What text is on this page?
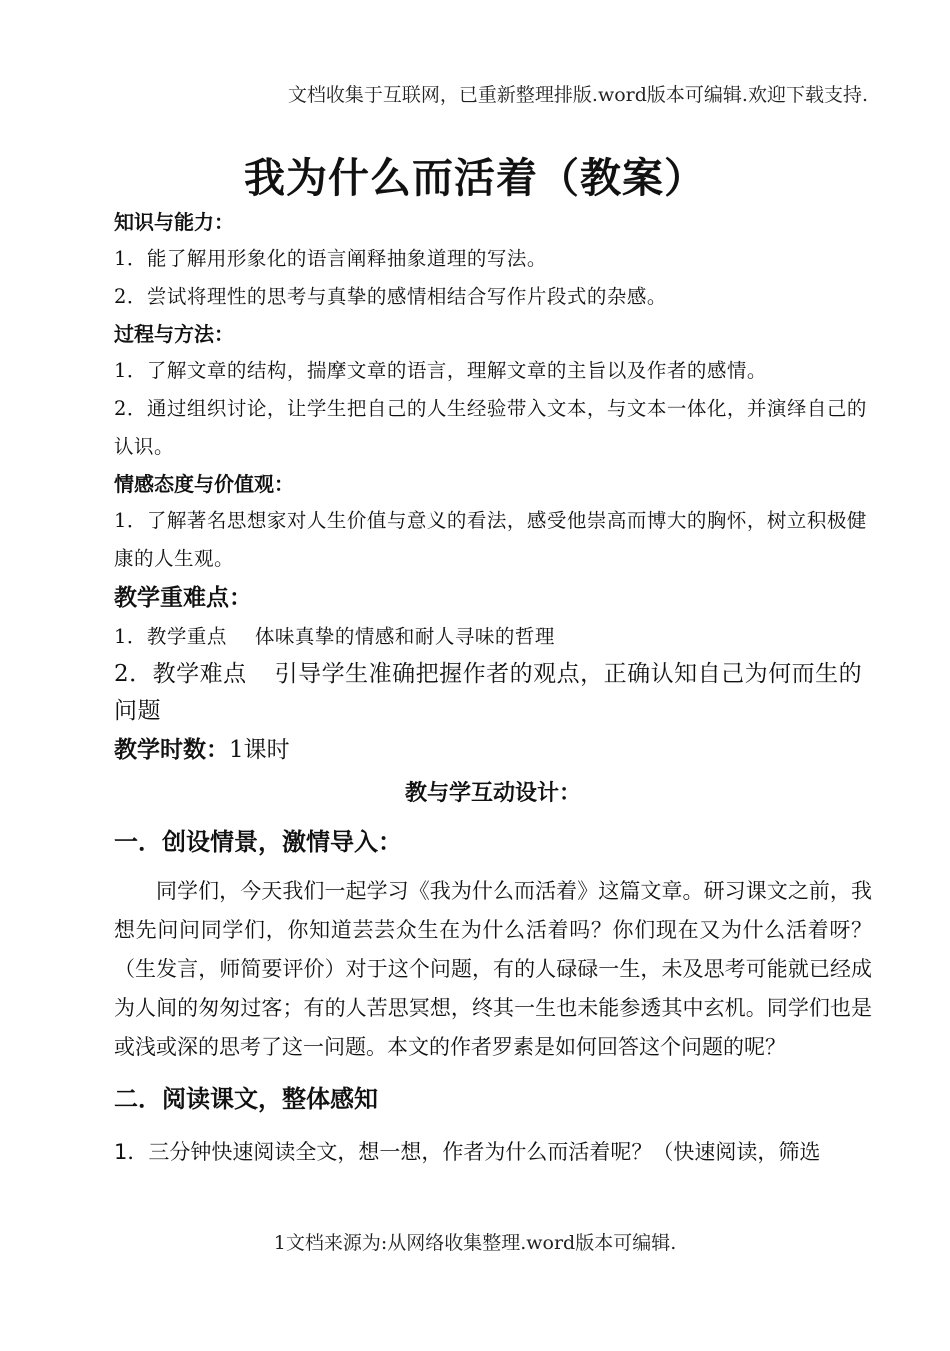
文档收集于互联网，已重新整理排版.word版本可编辑.欢迎下载支持.
我为什么而活着（教案）
知识与能力：
1．能了解用形象化的语言阐释抽象道理的写法。
2．尝试将理性的思考与真挚的感情相结合写作片段式的杂感。
过程与方法：
1．了解文章的结构，揣摩文章的语言，理解文章的主旨以及作者的感情。
2．通过组织讨论，让学生把自己的人生经验带入文本，与文本一体化，并演绎自己的认识。
情感态度与价值观：
1．了解著名思想家对人生价值与意义的看法，感受他崇高而博大的胸怀，树立积极健康的人生观。
教学重难点：
1．教学重点 体味真挚的情感和耐人寻味的哲理
2．教学难点 引导学生准确把握作者的观点，正确认知自己为何而生的问题
教学时数：1课时
教与学互动设计：
一．创设情景，激情导入：
同学们，今天我们一起学习《我为什么而活着》这篇文章。研习课文之前，我想先问问同学们，你知道芸芸众生在为什么活着吗？你们现在又为什么活着呀？（生发言，师简要评价）对于这个问题，有的人碌碌一生，未及思考可能就已经成为人间的匆匆过客；有的人苦思冥想，终其一生也未能参透其中玄机。同学们也是或浅或深的思考了这一问题。本文的作者罗素是如何回答这个问题的呢？
二．阅读课文，整体感知
1．三分钟快速阅读全文，想一想，作者为什么而活着呢？（快速阅读，筛选
1文档来源为:从网络收集整理.word版本可编辑.
